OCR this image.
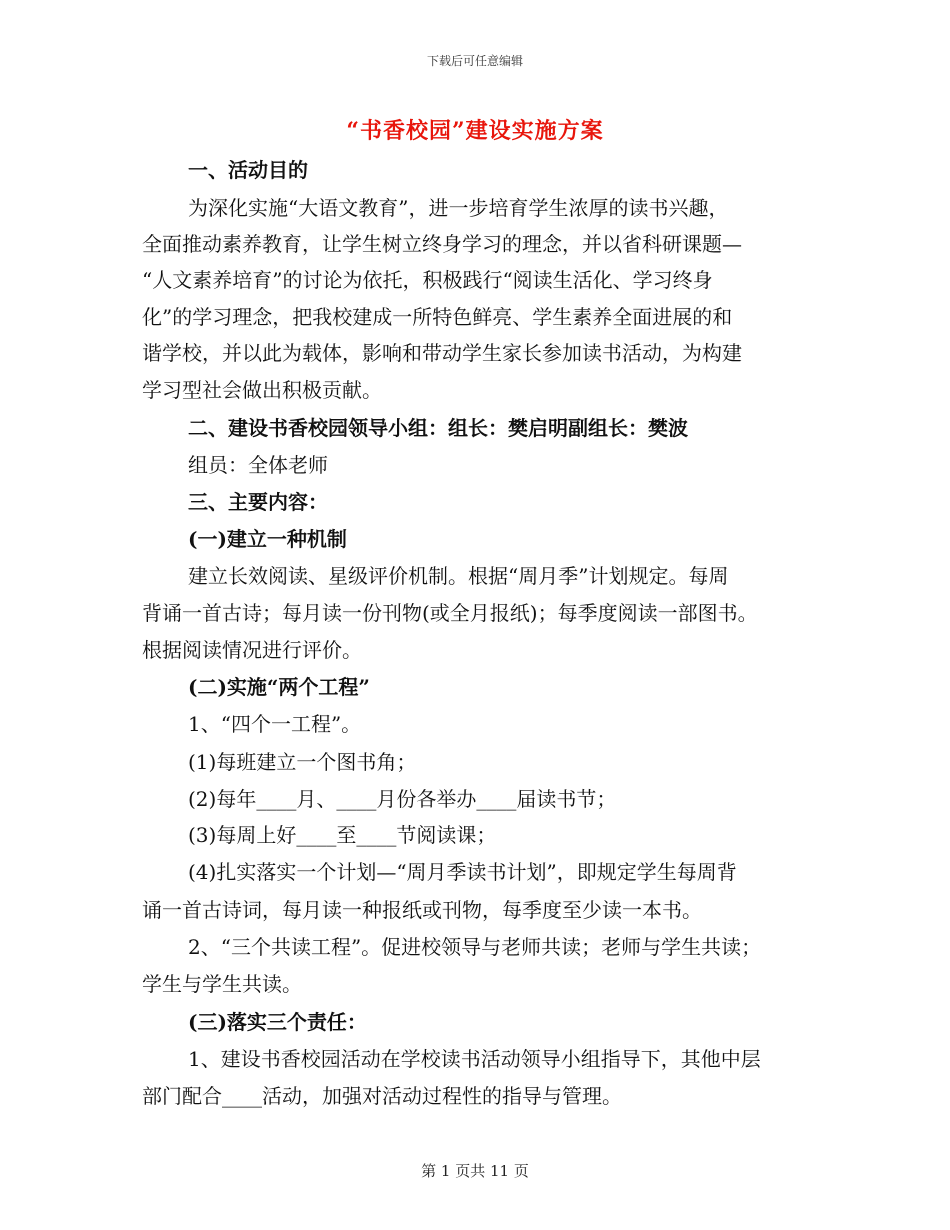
下载后可任意编辑
“书香校园”建设实施方案
一、活动目的
为深化实施“大语文教育”，进一步培育学生浓厚的读书兴趣，
全面推动素养教育，让学生树立终身学习的理念，并以省科研课题—
“人文素养培育”的讨论为依托，积极践行“阅读生活化、学习终身
化”的学习理念，把我校建成一所特色鲜亮、学生素养全面进展的和
谐学校，并以此为载体，影响和带动学生家长参加读书活动，为构建
学习型社会做出积极贡献。
二、建设书香校园领导小组：组长：樊启明副组长：樊波
组员：全体老师
三、主要内容：
(一)建立一种机制
建立长效阅读、星级评价机制。根据“周月季”计划规定。每周
背诵一首古诗；每月读一份刊物(或全月报纸)；每季度阅读一部图书。
根据阅读情况进行评价。
(二)实施“两个工程”
1、“四个一工程”。
(1)每班建立一个图书角；
(2)每年____月、____月份各举办____届读书节；
(3)每周上好____至____节阅读课；
(4)扎实落实一个计划—“周月季读书计划”，即规定学生每周背
诵一首古诗词，每月读一种报纸或刊物，每季度至少读一本书。
2、“三个共读工程”。促进校领导与老师共读；老师与学生共读；
学生与学生共读。
(三)落实三个责任：
1、建设书香校园活动在学校读书活动领导小组指导下，其他中层
部门配合____活动，加强对活动过程性的指导与管理。
第 1 页共 11 页
